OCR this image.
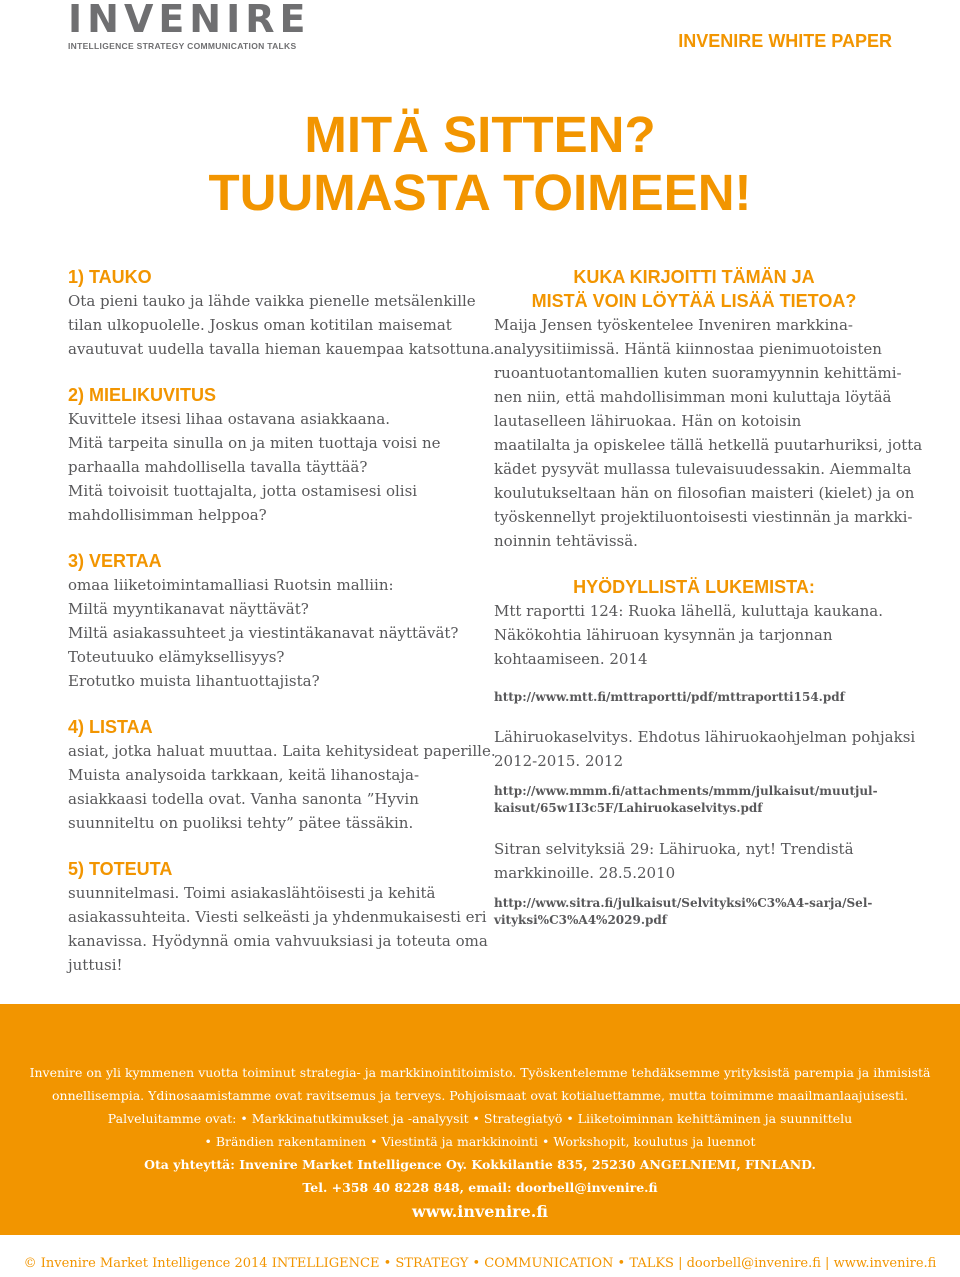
INVENIRE
INTELLIGENCE STRATEGY COMMUNICATION TALKS	INVENIRE WHITE PAPER
MITÄ SITTEN?
TUUMASTA TOIMEEN!
1) TAUKO
Ota pieni tauko ja lähde vaikka pienelle metsälenkille
tilan ulkopuolelle. Joskus oman kotitilan maisemat
avautuvat uudella tavalla hieman kauempaa katsottuna.
2) MIELIKUVITUS
Kuvittele itsesi lihaa ostavana asiakkaana.
Mitä tarpeita sinulla on ja miten tuottaja voisi ne
parhaalla mahdollisella tavalla täyttää?
Mitä toivoisit tuottajalta, jotta ostamisesi olisi
mahdollisimman helppoa?
3) VERTAA
omaa liiketoimintamalliasi Ruotsin malliin:
Miltä myyntikanavat näyttävät?
Miltä asiakassuhteet ja viestintäkanavat näyttävät?
Toteutuuko elämyksellisyys?
Erotutko muista lihantuottajista?
4) LISTAA
asiat, jotka haluat muuttaa. Laita kehitysideat paperille.
Muista analysoida tarkkaan, keitä lihanostaja-
asiakkaasi todella ovat. Vanha sanonta ”Hyvin
suunniteltu on puoliksi tehty” pätee tässäkin.
5) TOTEUTA
suunnitelmasi. Toimi asiakaslähtöisesti ja kehitä
asiakassuhteita. Viesti selkeästi ja yhdenmukaisesti eri
kanavissa. Hyödynnä omia vahvuuksiasi ja toteuta oma
juttusi!
KUKA KIRJOITTI TÄMÄN JA
MISTÄ VOIN LÖYTÄÄ LISÄÄ TIETOA?
Maija Jensen työskentelee Inveniren markkina-
analyysitiimissä. Häntä kiinnostaa pienimuotoisten
ruoantuotantomallien kuten suoramyynnin kehittämi-
nen niin, että mahdollisimman moni kuluttaja löytää
lautaselleen lähiruokaa. Hän on kotoisin
maatilalta ja opiskelee tällä hetkellä puutarhuriksi, jotta
kädet pysyvät mullassa tulevaisuudessakin. Aiemmalta
koulutukseltaan hän on filosofian maisteri (kielet) ja on
työskennellyt projektiluontoisesti viestinnän ja markki-
noinnin tehtävissä.
HYÖDYLLISTÄ LUKEMISTA:
Mtt raportti 124: Ruoka lähellä, kuluttaja kaukana.
Näkökohtia lähiruoan kysynnän ja tarjonnan
kohtaamiseen. 2014
http://www.mtt.fi/mttraportti/pdf/mttraportti154.pdf
Lähiruokaselvitys. Ehdotus lähiruokaohjelman pohjaksi
2012-2015. 2012
http://www.mmm.fi/attachments/mmm/julkaisut/muutjul-
kaisut/65w1I3c5F/Lahiruokaselvitys.pdf
Sitran selvityksiä 29: Lähiruoka, nyt! Trendistä
markkinoille. 28.5.2010
http://www.sitra.fi/julkaisut/Selvityksi%C3%A4-sarja/Sel-
vityksi%C3%A4%2029.pdf
Invenire on yli kymmenen vuotta toiminut strategia- ja markkinointitoimisto. Työskentelemme tehdäksemme yrityksistä parempia ja ihmisistä
onnellisempia. Ydinosaamistamme ovat ravitsemus ja terveys. Pohjoismaat ovat kotialuettamme, mutta toimimme maailmanlaajuisesti.
Palveluitamme ovat: • Markkinatutkimukset ja -analyysit • Strategiatyö • Liiketoiminnan kehittäminen ja suunnittelu
• Brändien rakentaminen • Viestintä ja markkinointi • Workshopit, koulutus ja luennot
Ota yhteyttä: Invenire Market Intelligence Oy. Kokkilantie 835, 25230 ANGELNIEMI, FINLAND.
Tel. +358 40 8228 848, email: doorbell@invenire.fi
www.invenire.fi
© Invenire Market Intelligence 2014 INTELLIGENCE • STRATEGY • COMMUNICATION • TALKS | doorbell@invenire.fi | www.invenire.fi
